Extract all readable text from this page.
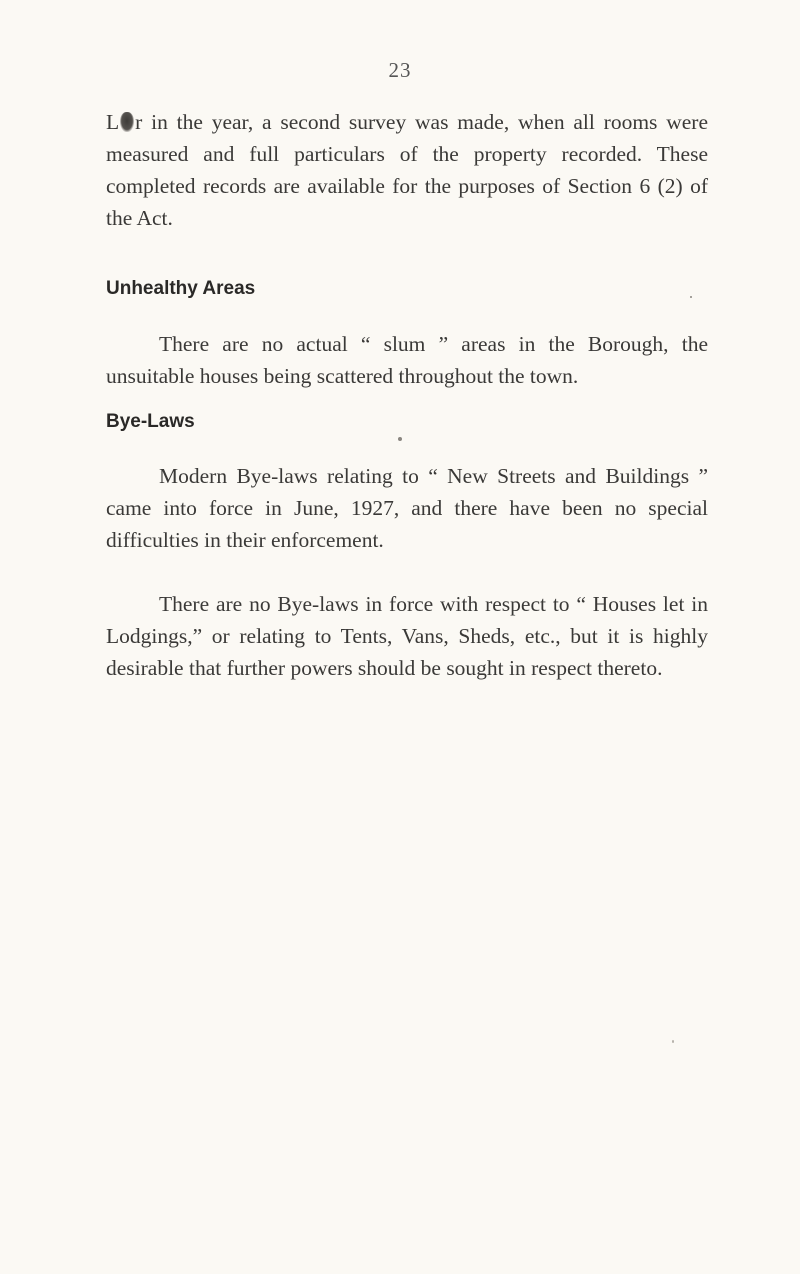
23

L r in the year, a second survey was made, when all rooms were measured and full particulars of the property recorded. These completed records are available for the purposes of Section 6 (2) of the Act.

Unhealthy Areas

There are no actual “ slum ” areas in the Borough, the unsuitable houses being scattered throughout the town.

Bye-Laws

Modern Bye-laws relating to “ New Streets and Buildings ” came into force in June, 1927, and there have been no special difficulties in their enforcement.

There are no Bye-laws in force with respect to “ Houses let in Lodgings,” or relating to Tents, Vans, Sheds, etc., but it is highly desirable that further powers should be sought in respect thereto.
